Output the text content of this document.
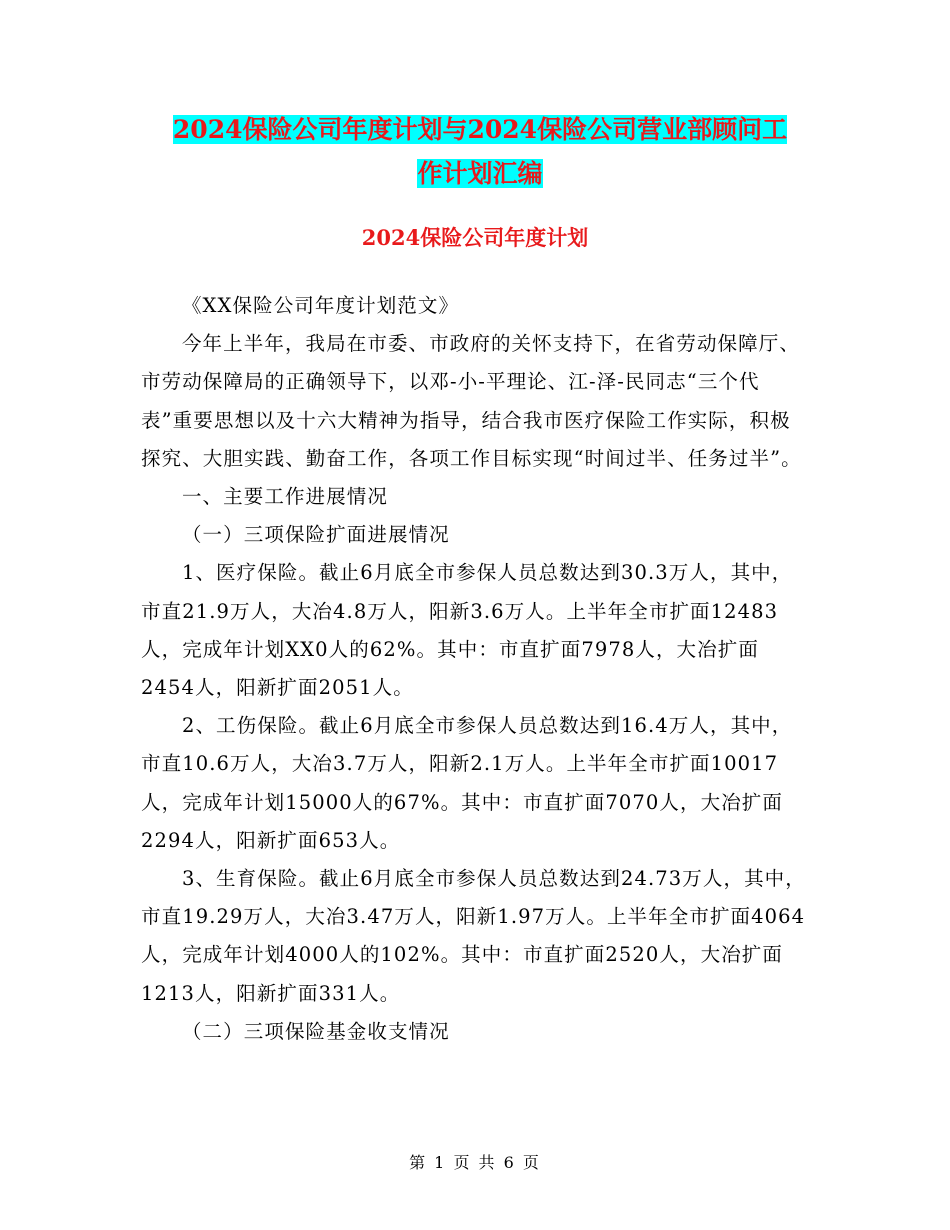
2024保险公司年度计划与2024保险公司营业部顾问工
作计划汇编
2024保险公司年度计划

《XX保险公司年度计划范文》

今年上半年，我局在市委、市政府的关怀支持下，在省劳动保障厅、市劳动保障局的正确领导下，以邓-小-平理论、江-泽-民同志“三个代表”重要思想以及十六大精神为指导，结合我市医疗保险工作实际，积极探究、大胆实践、勤奋工作，各项工作目标实现“时间过半、任务过半”。

一、主要工作进展情况

（一）三项保险扩面进展情况

1、医疗保险。截止6月底全市参保人员总数达到30.3万人，其中，市直21.9万人，大冶4.8万人，阳新3.6万人。上半年全市扩面12483人，完成年计划XX0人的62%。其中：市直扩面7978人，大冶扩面2454人，阳新扩面2051人。

2、工伤保险。截止6月底全市参保人员总数达到16.4万人，其中，市直10.6万人，大冶3.7万人，阳新2.1万人。上半年全市扩面10017人，完成年计划15000人的67%。其中：市直扩面7070人，大冶扩面2294人，阳新扩面653人。

3、生育保险。截止6月底全市参保人员总数达到24.73万人，其中，市直19.29万人，大冶3.47万人，阳新1.97万人。上半年全市扩面4064人，完成年计划4000人的102%。其中：市直扩面2520人，大冶扩面1213人，阳新扩面331人。

（二）三项保险基金收支情况

第 1 页 共 6 页
